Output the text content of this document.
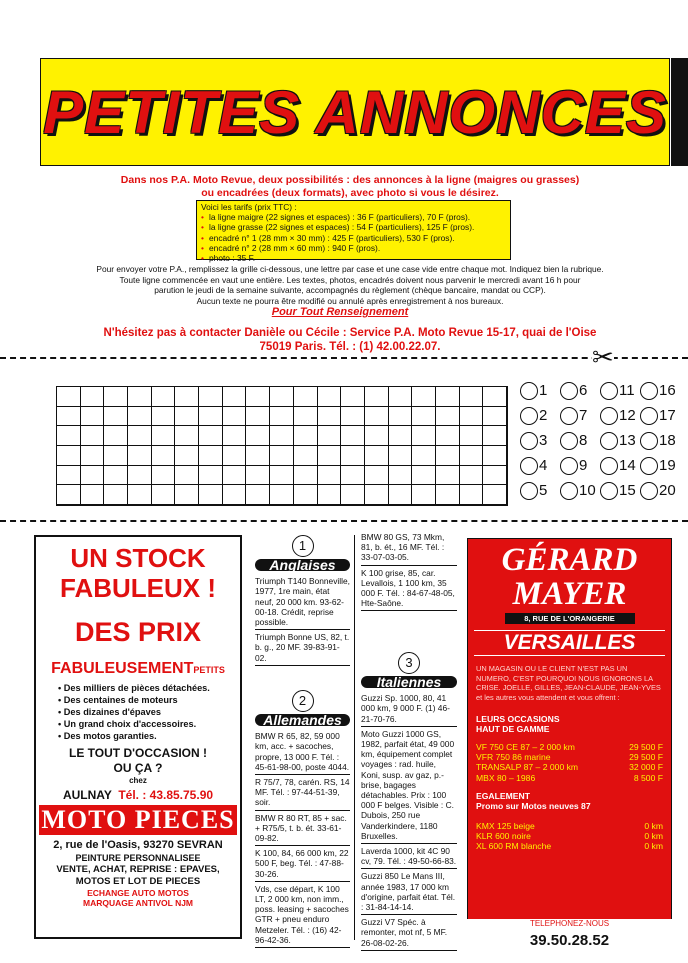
PETITES ANNONCES
Dans nos P.A. Moto Revue, deux possibilités : des annonces à la ligne (maigres ou grasses)
ou encadrées (deux formats), avec photo si vous le désirez.
Voici les tarifs (prix TTC) :
• la ligne maigre (22 signes et espaces) : 36 F (particuliers), 70 F (pros).
• la ligne grasse (22 signes et espaces) : 54 F (particuliers), 125 F (pros).
• encadré n° 1 (28 mm × 30 mm) : 425 F (particuliers), 530 F (pros).
• encadré n° 2 (28 mm × 60 mm) : 940 F (pros).
• photo : 35 F.
Pour envoyer votre P.A., remplissez la grille ci-dessous, une lettre par case et une case vide entre chaque mot. Indiquez bien la rubrique.
Toute ligne commencée en vaut une entière. Les textes, photos, encadrés doivent nous parvenir le mercredi avant 16 h pour
parution le jeudi de la semaine suivante, accompagnés du règlement (chèque bancaire, mandat ou CCP).
Aucun texte ne pourra être modifié ou annulé après enregistrement à nos bureaux.
Pour Tout Renseignement
N'hésitez pas à contacter Danièle ou Cécile : Service P.A. Moto Revue 15-17, quai de l'Oise
75019 Paris. Tél. : (1) 42.00.22.07.	✂
1 6 11 16
2 7 12 17
3 8 13 18
4 9 14 19
5 10 15 20
UN STOCK
FABULEUX !
DES PRIX
FABULEUSEMENTPETITS
• Des milliers de pièces détachées.
• Des centaines de moteurs
• Des dizaines d'épaves
• Un grand choix d'accessoires.
• Des motos garanties.
LE TOUT D'OCCASION !
OU ÇA ?
chez
AULNAY Tél. : 43.85.75.90
MOTO PIECES
2, rue de l'Oasis, 93270 SEVRAN
PEINTURE PERSONNALISEE
VENTE, ACHAT, REPRISE : EPAVES,
MOTOS ET LOT DE PIECES
ECHANGE AUTO MOTOS
MARQUAGE ANTIVOL NJM
1
Anglaises
Triumph T140 Bonneville, 1977, 1re main, état neuf, 20 000 km. 93-62-00-18. Crédit, reprise possible.
Triumph Bonne US, 82, t. b. g., 20 MF. 39-83-91-02.
2
Allemandes
BMW R 65, 82, 59 000 km, acc. + sacoches, propre, 13 000 F. Tél. : 45-61-98-00, poste 4044.
R 75/7, 78, carén. RS, 14 MF. Tél. : 97-44-51-39, soir.
BMW R 80 RT, 85 + sac. + R75/5, t. b. ét. 33-61-09-82.
K 100, 84, 66 000 km, 22 500 F, beg. Tél. : 47-88-30-26.
Vds, cse départ, K 100 LT, 2 000 km, non imm., poss. leasing + sacoches GTR + pneu enduro Metzeler. Tél. : (16) 42-96-42-36.
BMW 80 GS, 73 Mkm, 81, b. ét., 16 MF. Tél. : 33-07-03-05.
K 100 grise, 85, car. Levallois, 1 100 km, 35 000 F. Tél. : 84-67-48-05, Hte-Saône.
3
Italiennes
Guzzi Sp. 1000, 80, 41 000 km, 9 000 F. (1) 46-21-70-76.
Moto Guzzi 1000 GS, 1982, parfait état, 49 000 km, équipement complet voyages : rad. huile, Koni, susp. av gaz, p.-brise, bagages détachables. Prix : 100 000 F belges. Visible : C. Dubois, 250 rue Vanderkindere, 1180 Bruxelles.
Laverda 1000, kit 4C 90 cv, 79. Tél. : 49-50-66-83.
Guzzi 850 Le Mans III, année 1983, 17 000 km d'origine, parfait état. Tél. : 31-84-14-14.
Guzzi V7 Spéc. à remonter, mot nf, 5 MF. 26-08-02-26.
GÉRARD
MAYER
8, RUE DE L'ORANGERIE
VERSAILLES
UN MAGASIN OU LE CLIENT N'EST PAS UN NUMERO, C'EST POURQUOI NOUS IGNORONS LA CRISE. JOELLE, GILLES, JEAN-CLAUDE, JEAN-YVES et les autres vous attendent et vous offrent :
LEURS OCCASIONS
HAUT DE GAMME
VF 750 CE 87 – 2 000 km	29 500 F
VFR 750 86 marine	29 500 F
TRANSALP 87 – 2 000 km	32 000 F
MBX 80 – 1986	8 500 F
EGALEMENT
Promo sur Motos neuves 87
KMX 125 beige	0 km
KLR 600 noire	0 km
XL 600 RM blanche	0 km
TELEPHONEZ-NOUS
39.50.28.52
